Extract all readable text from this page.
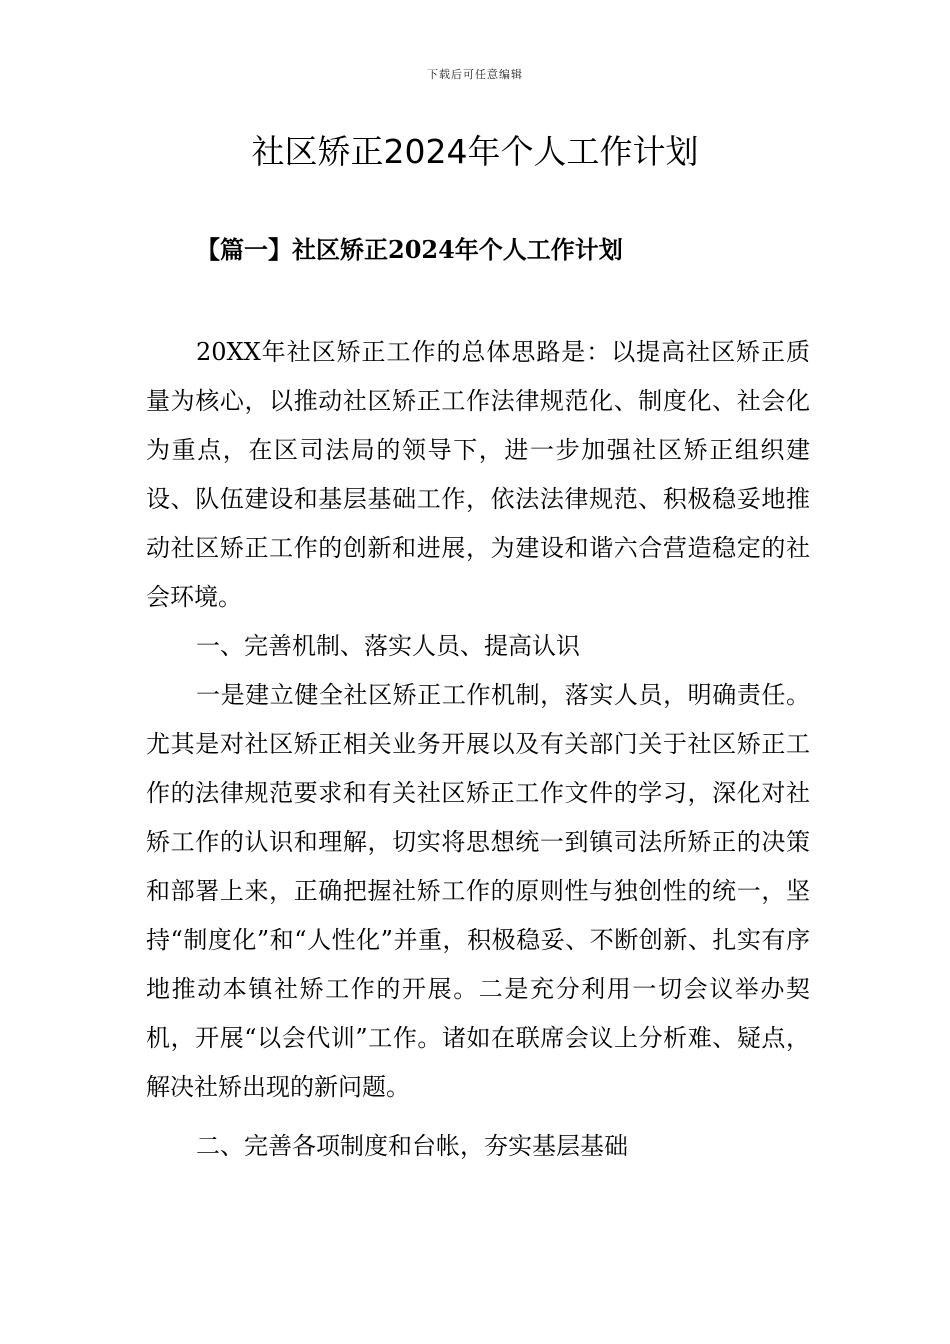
下载后可任意编辑
社区矫正2024年个人工作计划
【篇一】社区矫正2024年个人工作计划

20XX年社区矫正工作的总体思路是：以提高社区矫正质量为核心，以推动社区矫正工作法律规范化、制度化、社会化为重点，在区司法局的领导下，进一步加强社区矫正组织建设、队伍建设和基层基础工作，依法法律规范、积极稳妥地推动社区矫正工作的创新和进展，为建设和谐六合营造稳定的社会环境。

一、完善机制、落实人员、提高认识

一是建立健全社区矫正工作机制，落实人员，明确责任。尤其是对社区矫正相关业务开展以及有关部门关于社区矫正工作的法律规范要求和有关社区矫正工作文件的学习，深化对社矫工作的认识和理解，切实将思想统一到镇司法所矫正的决策和部署上来，正确把握社矫工作的原则性与独创性的统一，坚持“制度化”和“人性化”并重，积极稳妥、不断创新、扎实有序地推动本镇社矫工作的开展。二是充分利用一切会议举办契机，开展“以会代训”工作。诸如在联席会议上分析难、疑点，解决社矫出现的新问题。

二、完善各项制度和台帐，夯实基层基础
